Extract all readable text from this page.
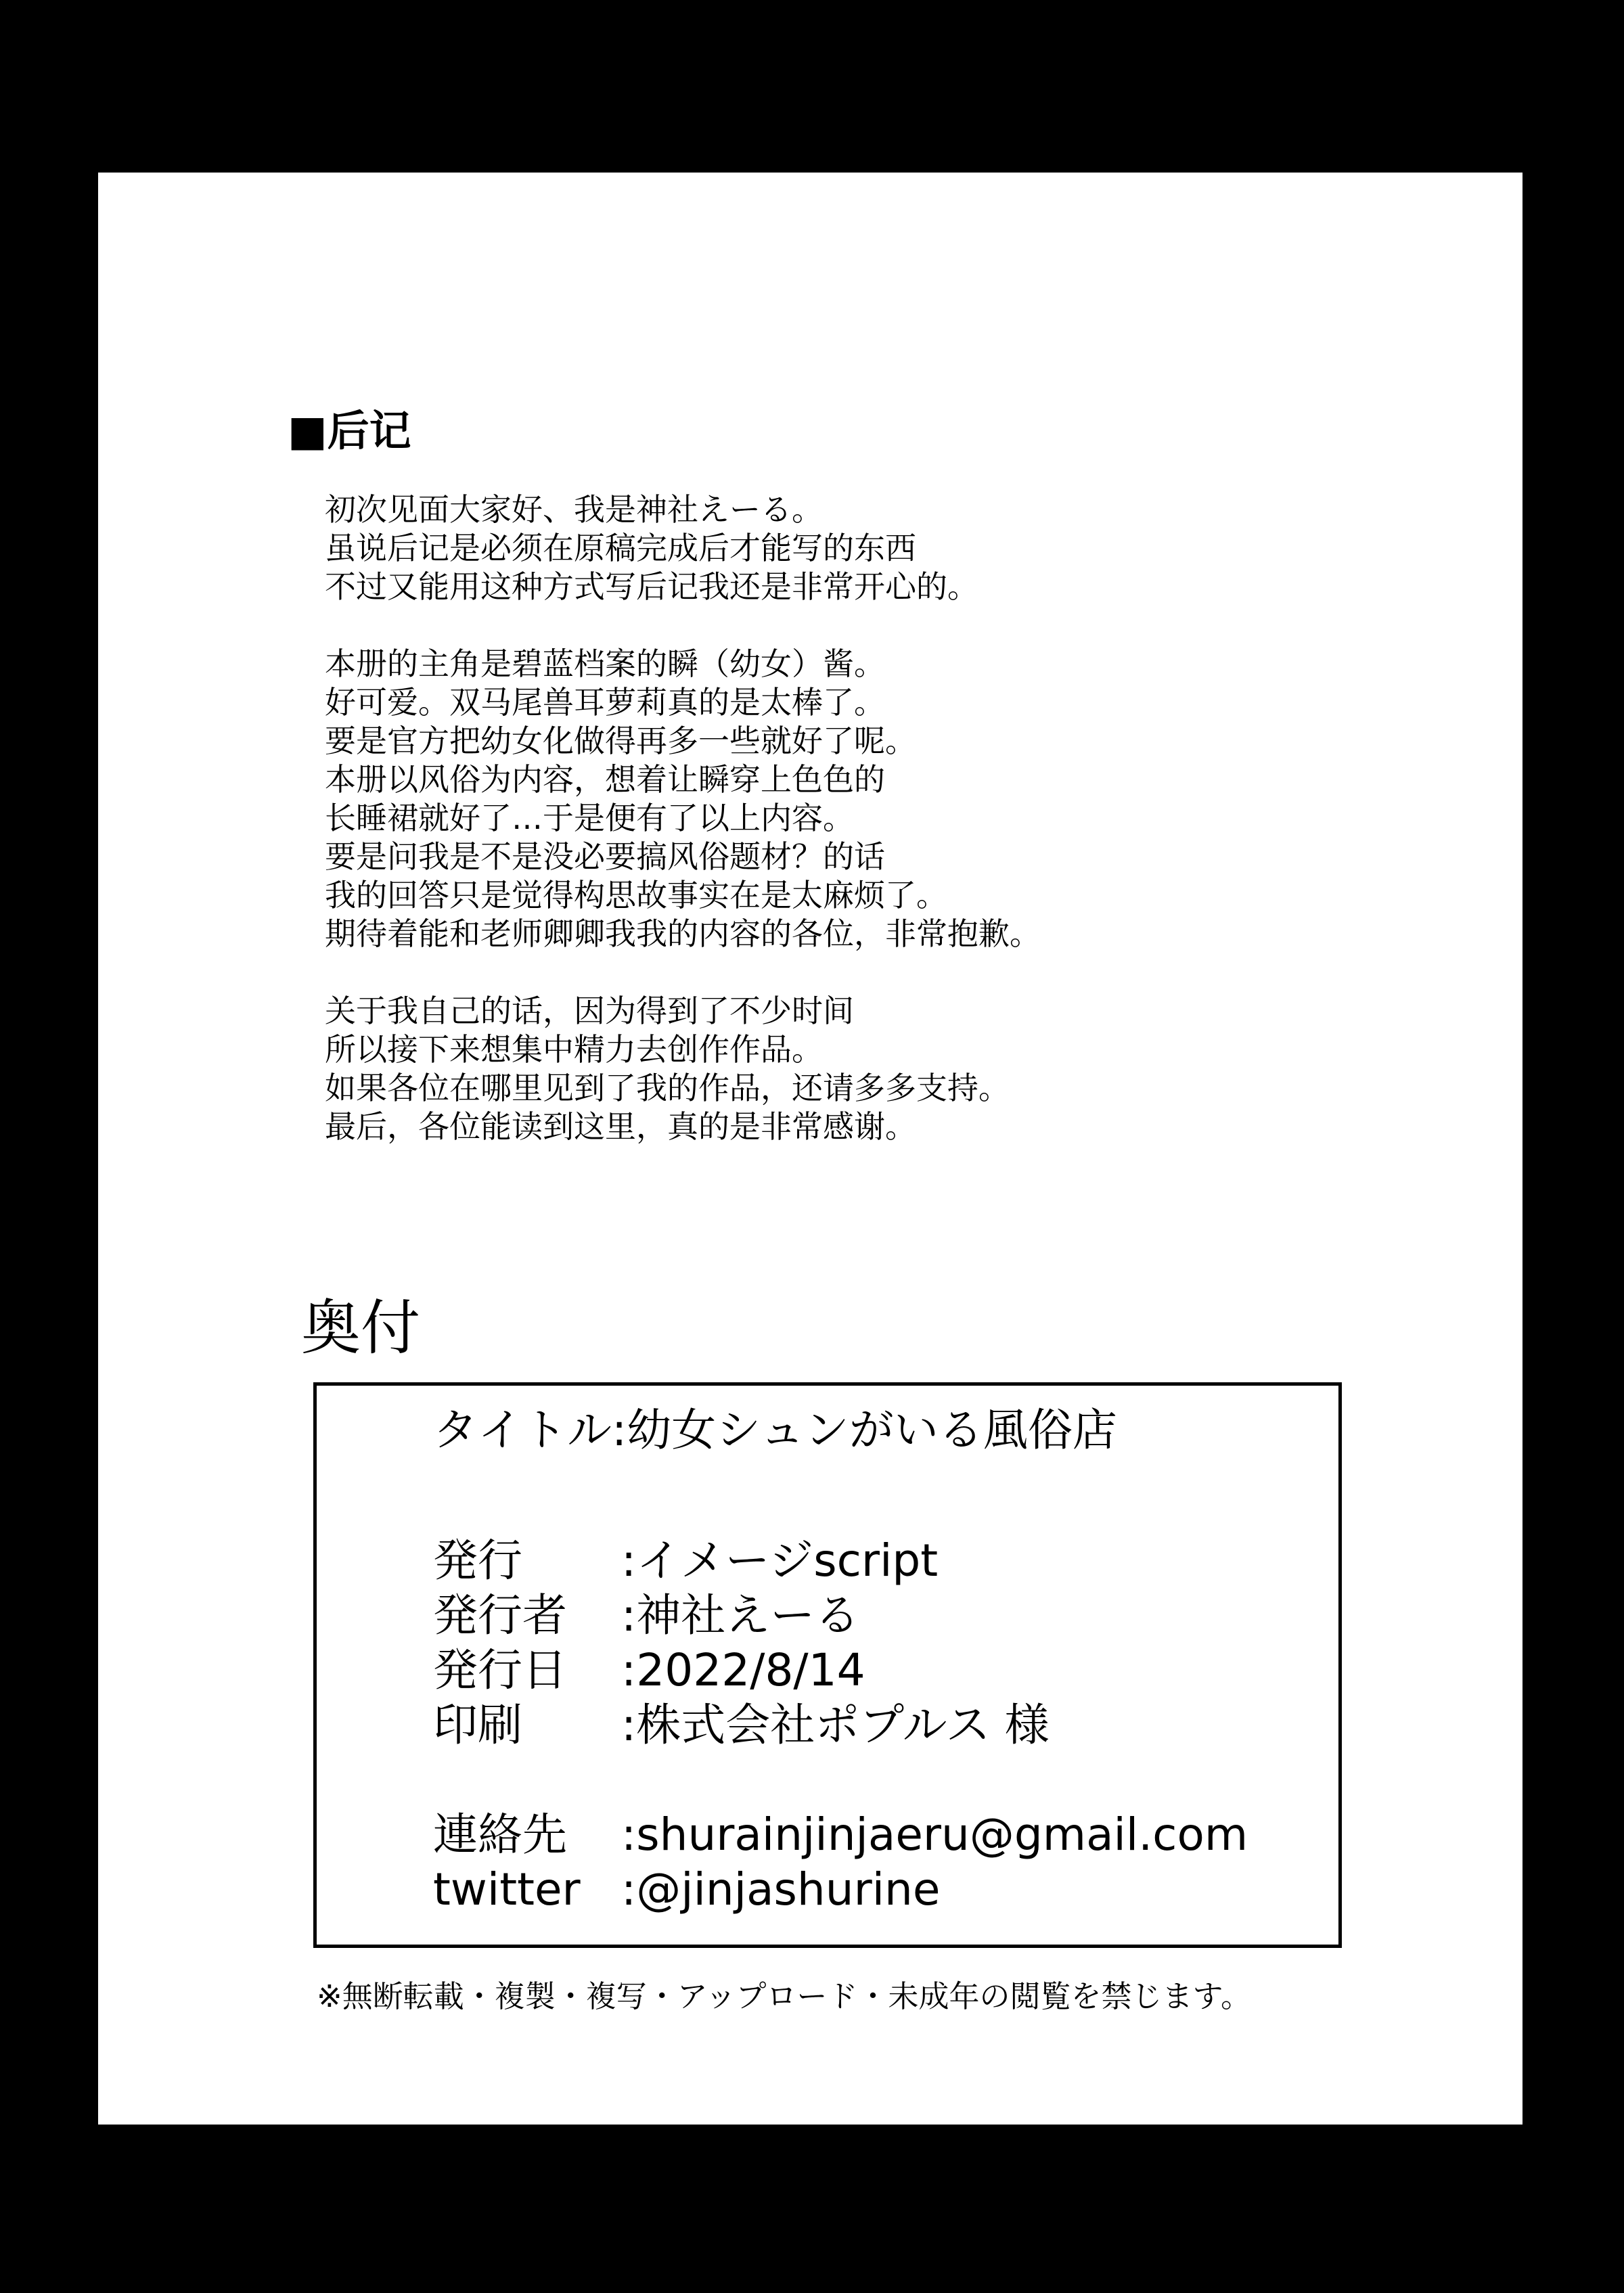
■后记
初次见面大家好、我是神社えーる。
虽说后记是必须在原稿完成后才能写的东西
不过又能用这种方式写后记我还是非常开心的。
本册的主角是碧蓝档案的瞬（幼女）酱。
好可爱。双马尾兽耳萝莉真的是太棒了。
要是官方把幼女化做得再多一些就好了呢。
本册以风俗为内容，想着让瞬穿上色色的
长睡裙就好了…于是便有了以上内容。
要是问我是不是没必要搞风俗题材？的话
我的回答只是觉得构思故事实在是太麻烦了。
期待着能和老师卿卿我我的内容的各位，非常抱歉。
关于我自己的话，因为得到了不少时间
所以接下来想集中精力去创作作品。
如果各位在哪里见到了我的作品，还请多多支持。
最后，各位能读到这里，真的是非常感谢。
奥付
タイトル:幼女シュンがいる風俗店
発行	:イメージscript
発行者	:神社えーる
発行日	:2022/8/14
印刷	:株式会社ポプルス 様
連絡先	:shurainjinjaeru@gmail.com
twitter :@jinjashurine
※無断転載・複製・複写・アップロード・未成年の閲覧を禁じます。
